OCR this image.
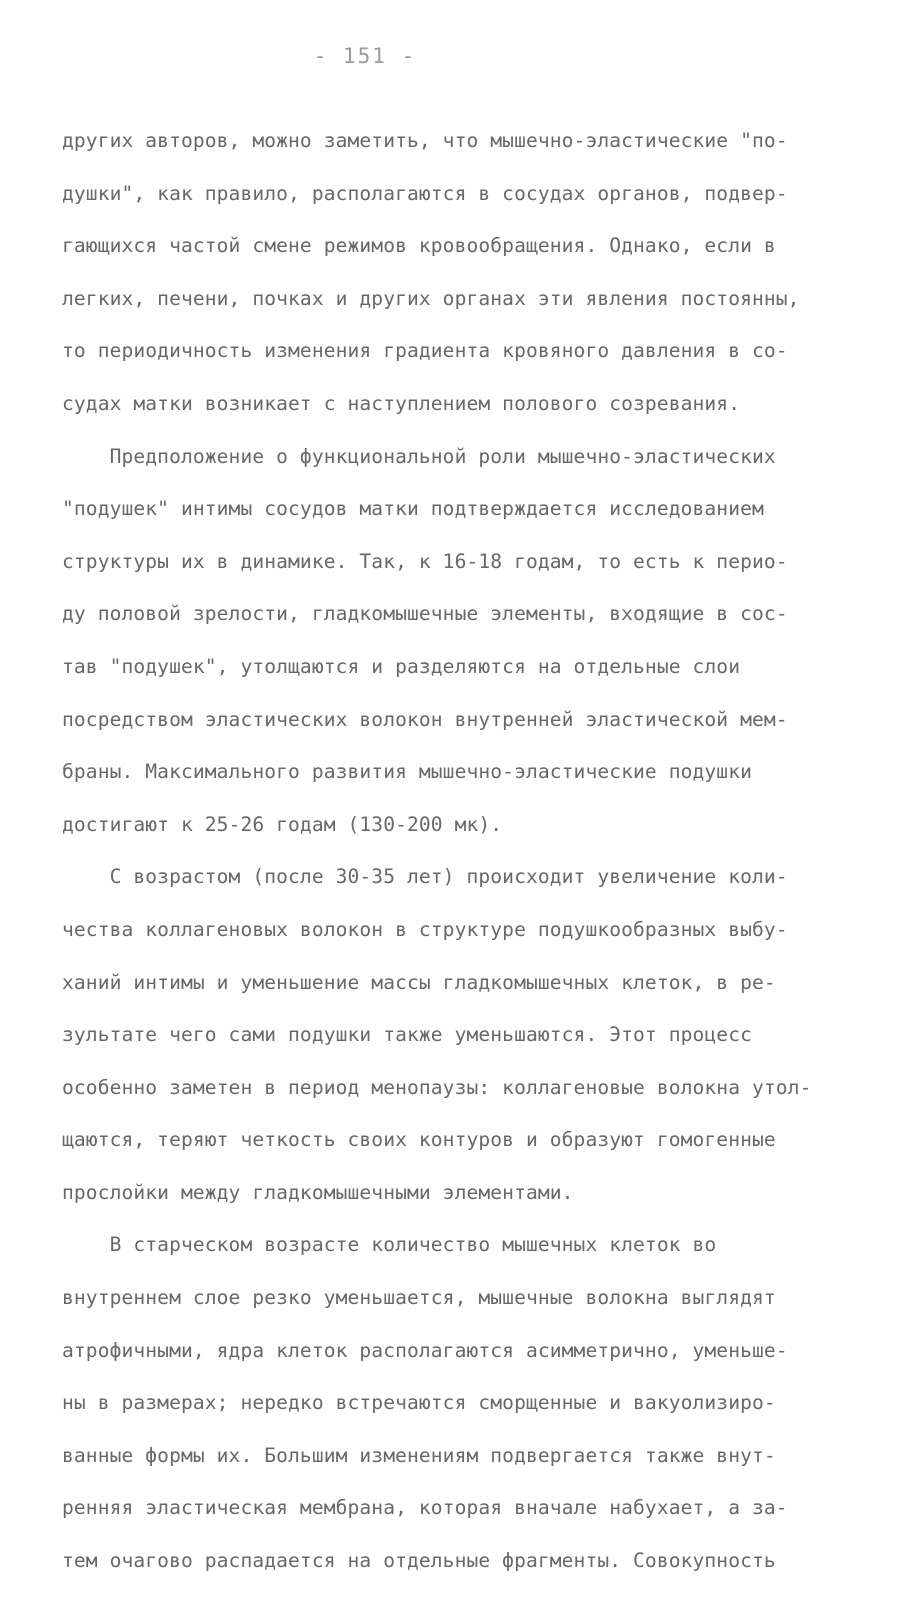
- 151 -
других авторов, можно заметить, что мышечно-эластические "по-
душки", как правило, располагаются в сосудах органов, подвер-
гающихся частой смене режимов кровообращения. Однако, если в
легких, печени, почках и других органах эти явления постоянны,
то периодичность изменения градиента кровяного давления в со-
судах матки возникает с наступлением полового созревания.
Предположение о функциональной роли мышечно-эластических
"подушек" интимы сосудов матки подтверждается исследованием
структуры их в динамике. Так, к 16-18 годам, то есть к перио-
ду половой зрелости, гладкомышечные элементы, входящие в сос-
тав "подушек", утолщаются и разделяются на отдельные слои
посредством эластических волокон внутренней эластической мем-
браны. Максимального развития мышечно-эластические подушки
достигают к 25-26 годам (130-200 мк).
С возрастом (после 30-35 лет) происходит увеличение коли-
чества коллагеновых волокон в структуре подушкообразных выбу-
ханий интимы и уменьшение массы гладкомышечных клеток, в ре-
зультате чего сами подушки также уменьшаются. Этот процесс
особенно заметен в период менопаузы: коллагеновые волокна утол-
щаются, теряют четкость своих контуров и образуют гомогенные
прослойки между гладкомышечными элементами.
В старческом возрасте количество мышечных клеток во
внутреннем слое резко уменьшается, мышечные волокна выглядят
атрофичными, ядра клеток располагаются асимметрично, уменьше-
ны в размерах; нередко встречаются сморщенные и вакуолизиро-
ванные формы их. Большим изменениям подвергается также внут-
ренняя эластическая мембрана, которая вначале набухает, а за-
тем очагово распадается на отдельные фрагменты. Совокупность
